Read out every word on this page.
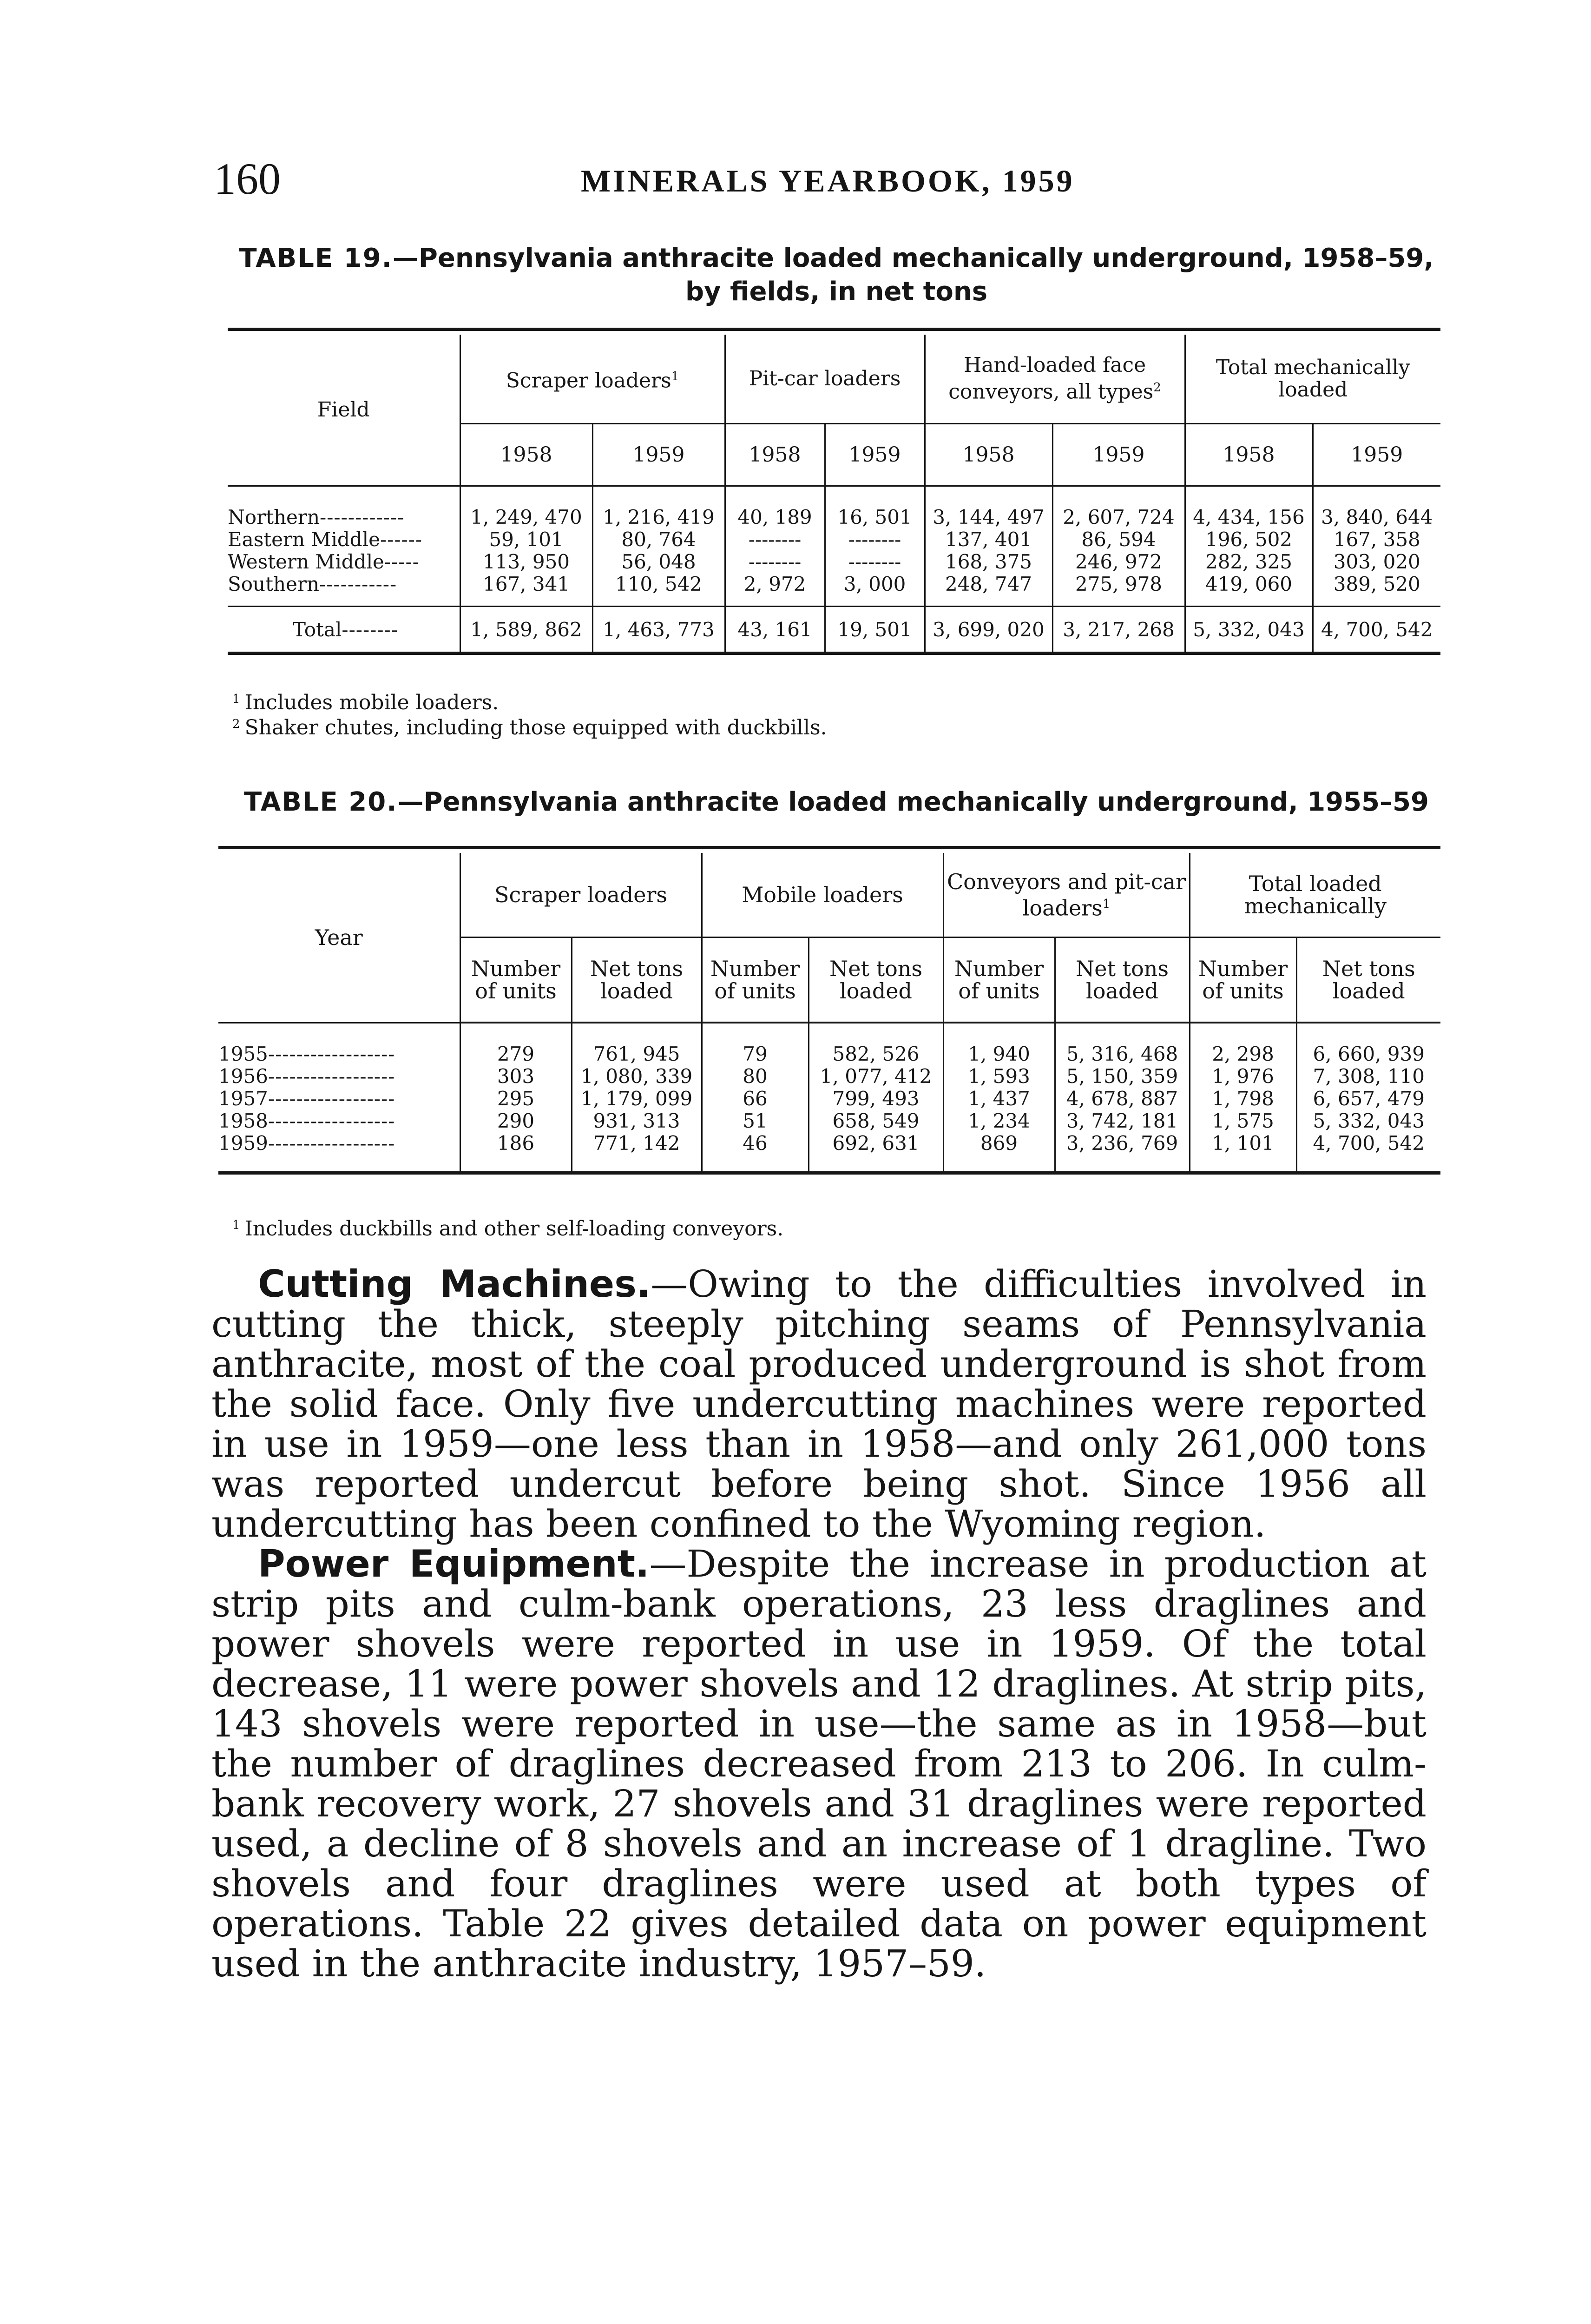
160	MINERALS YEARBOOK, 1959
TABLE 19.—Pennsylvania anthracite loaded mechanically underground, 1958–59,
by fields, in net tons

Field	Scraper loaders$^1$		Pit-car loaders		Hand-loaded face conveyors, all types$^2$		Total mechanically loaded	
	1958	1959	1958	1959	1958	1959	1958	1959

Northern------------	1, 249, 470	1, 216, 419	40, 189	16, 501	3, 144, 497	2, 607, 724	4, 434, 156	3, 840, 644
Eastern Middle------	59, 101	80, 764	--------	--------	137, 401	86, 594	196, 502	167, 358
Western Middle-----	113, 950	56, 048	--------	--------	168, 375	246, 972	282, 325	303, 020
Southern-----------	167, 341	110, 542	2, 972	3, 000	248, 747	275, 978	419, 060	389, 520

Total--------	1, 589, 862	1, 463, 773	43, 161	19, 501	3, 699, 020	3, 217, 268	5, 332, 043	4, 700, 542
$^1$ Includes mobile loaders.
$^2$ Shaker chutes, including those equipped with duckbills.
TABLE 20.—Pennsylvania anthracite loaded mechanically underground, 1955–59

Year	Scraper loaders		Mobile loaders		Conveyors and pit-car loaders$^1$		Total loaded mechanically	
	Number of units	Net tons loaded	Number of units	Net tons loaded	Number of units	Net tons loaded	Number of units	Net tons loaded

1955------------------	279	761, 945	79	582, 526	1, 940	5, 316, 468	2, 298	6, 660, 939
1956------------------	303	1, 080, 339	80	1, 077, 412	1, 593	5, 150, 359	1, 976	7, 308, 110
1957------------------	295	1, 179, 099	66	799, 493	1, 437	4, 678, 887	1, 798	6, 657, 479
1958------------------	290	931, 313	51	658, 549	1, 234	3, 742, 181	1, 575	5, 332, 043
1959------------------	186	771, 142	46	692, 631	869	3, 236, 769	1, 101	4, 700, 542

$^1$ Includes duckbills and other self-loading conveyors.

Cutting Machines.—Owing to the difficulties involved in cutting the thick, steeply pitching seams of Pennsylvania anthracite, most of the coal produced underground is shot from the solid face. Only five undercutting machines were reported in use in 1959—one less than in 1958—and only 261,000 tons was reported undercut before being shot. Since 1956 all undercutting has been confined to the Wyoming region.

Power Equipment.—Despite the increase in production at strip pits and culm-bank operations, 23 less draglines and power shovels were reported in use in 1959. Of the total decrease, 11 were power shovels and 12 draglines. At strip pits, 143 shovels were reported in use—the same as in 1958—but the number of draglines decreased from 213 to 206. In culm-bank recovery work, 27 shovels and 31 draglines were reported used, a decline of 8 shovels and an increase of 1 dragline. Two shovels and four draglines were used at both types of operations. Table 22 gives detailed data on power equipment used in the anthracite industry, 1957–59.
